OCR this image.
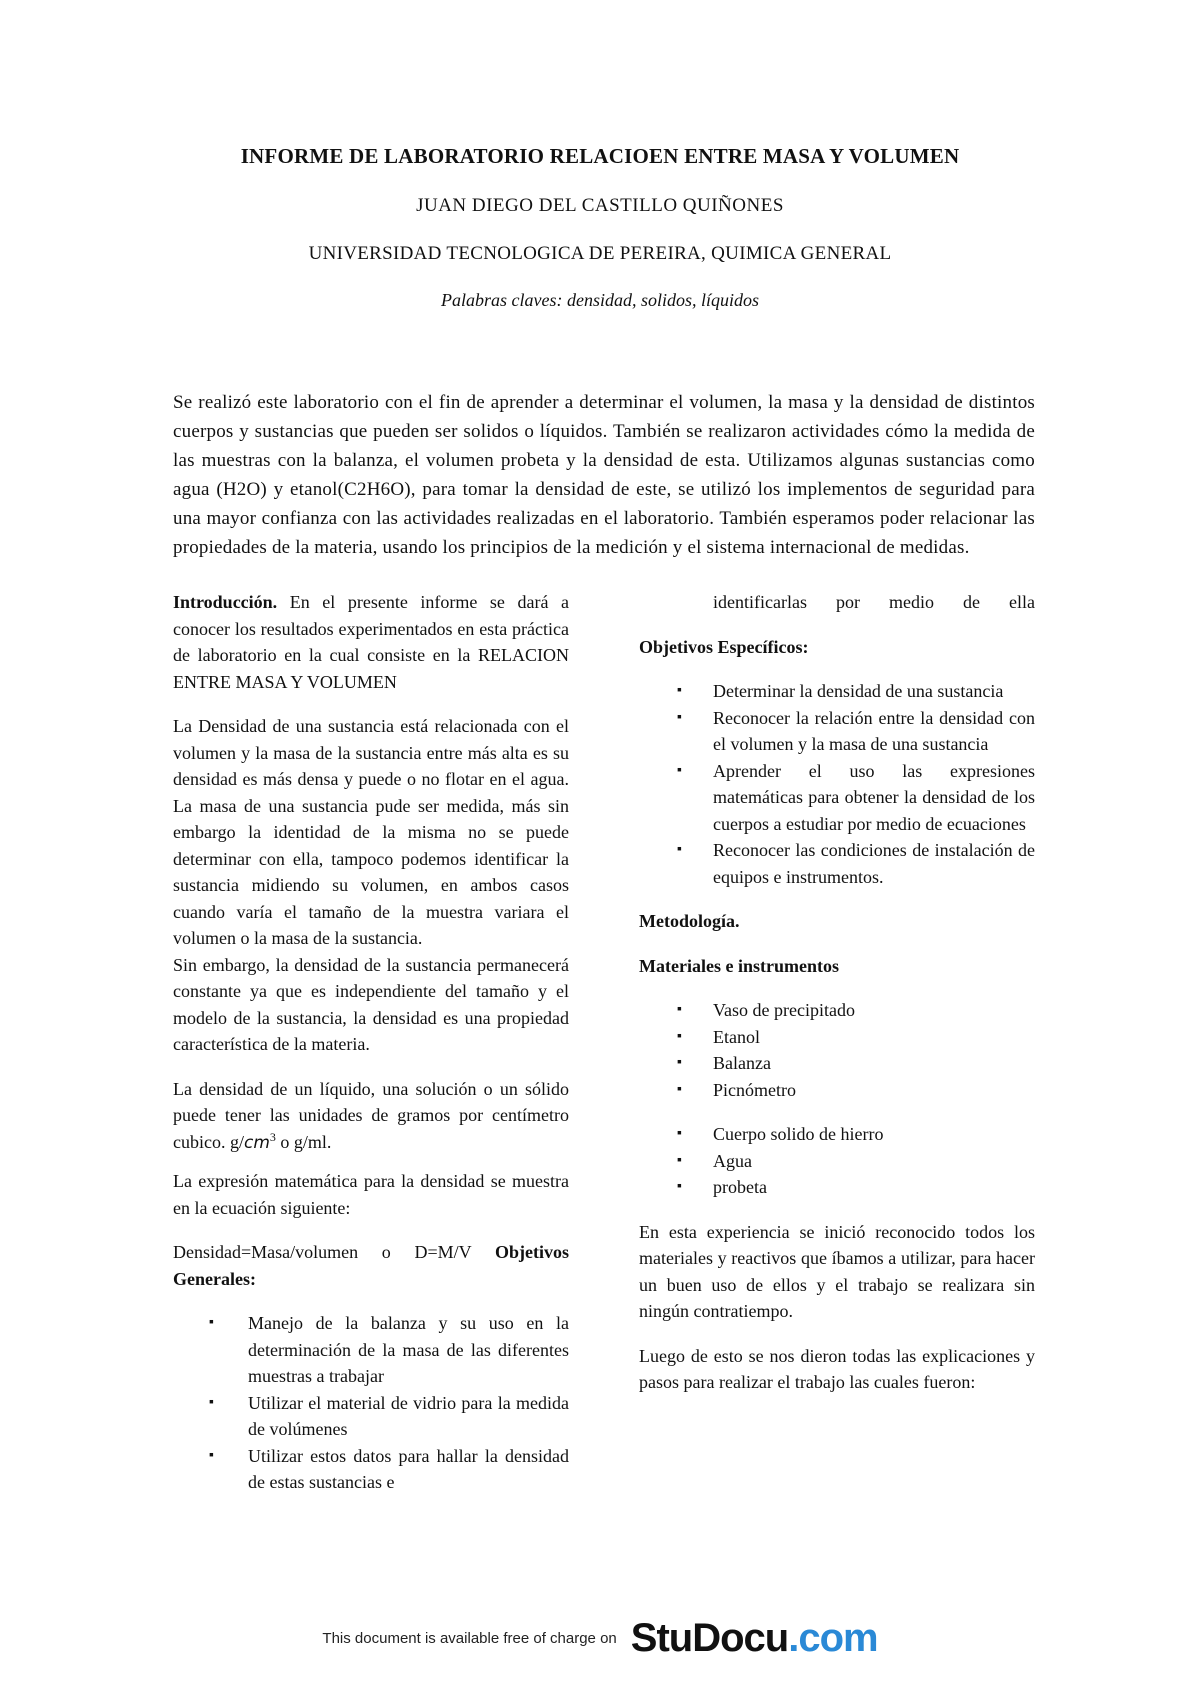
INFORME DE LABORATORIO RELACIOEN ENTRE MASA Y VOLUMEN
JUAN DIEGO DEL CASTILLO QUIÑONES
UNIVERSIDAD TECNOLOGICA DE PEREIRA, QUIMICA GENERAL
Palabras claves: densidad, solidos, líquidos

Se realizó este laboratorio con el fin de aprender a determinar el volumen, la masa y la densidad de distintos cuerpos y sustancias que pueden ser solidos o líquidos. También se realizaron actividades cómo la medida de las muestras con la balanza, el volumen probeta y la densidad de esta. Utilizamos algunas sustancias como agua (H2O) y etanol(C2H6O), para tomar la densidad de este, se utilizó los implementos de seguridad para una mayor confianza con las actividades realizadas en el laboratorio. También esperamos poder relacionar las propiedades de la materia, usando los principios de la medición y el sistema internacional de medidas.

Introducción. En el presente informe se dará a conocer los resultados experimentados en esta práctica de laboratorio en la cual consiste en la RELACION ENTRE MASA Y VOLUMEN

La Densidad de una sustancia está relacionada con el volumen y la masa de la sustancia entre más alta es su densidad es más densa y puede o no flotar en el agua. La masa de una sustancia pude ser medida, más sin embargo la identidad de la misma no se puede determinar con ella, tampoco podemos identificar la sustancia midiendo su volumen, en ambos casos cuando varía el tamaño de la muestra variara el volumen o la masa de la sustancia.

Sin embargo, la densidad de la sustancia permanecerá constante ya que es independiente del tamaño y el modelo de la sustancia, la densidad es una propiedad característica de la materia.

La densidad de un líquido, una solución o un sólido puede tener las unidades de gramos por centímetro cubico. $g/cm^3$ o g/ml.

La expresión matemática para la densidad se muestra en la ecuación siguiente:

Densidad=Masa/volumen o D=M/V Objetivos Generales:

▪ Manejo de la balanza y su uso en la determinación de la masa de las diferentes muestras a trabajar
▪ Utilizar el material de vidrio para la medida de volúmenes
▪ Utilizar estos datos para hallar la densidad de estas sustancias e
identificarlas por medio de ella
Objetivos Específicos:
▪ Determinar la densidad de una sustancia
▪ Reconocer la relación entre la densidad con el volumen y la masa de una sustancia
▪ Aprender el uso las expresiones matemáticas para obtener la densidad de los cuerpos a estudiar por medio de ecuaciones
▪ Reconocer las condiciones de instalación de equipos e instrumentos.
Metodología.
Materiales e instrumentos
▪ Vaso de precipitado
▪ Etanol
▪ Balanza
▪ Picnómetro
▪ Cuerpo solido de hierro
▪ Agua
▪ probeta

En esta experiencia se inició reconocido todos los materiales y reactivos que íbamos a utilizar, para hacer un buen uso de ellos y el trabajo se realizara sin ningún contratiempo.

Luego de esto se nos dieron todas las explicaciones y pasos para realizar el trabajo las cuales fueron:

This document is available free of charge on StuDocu.com
